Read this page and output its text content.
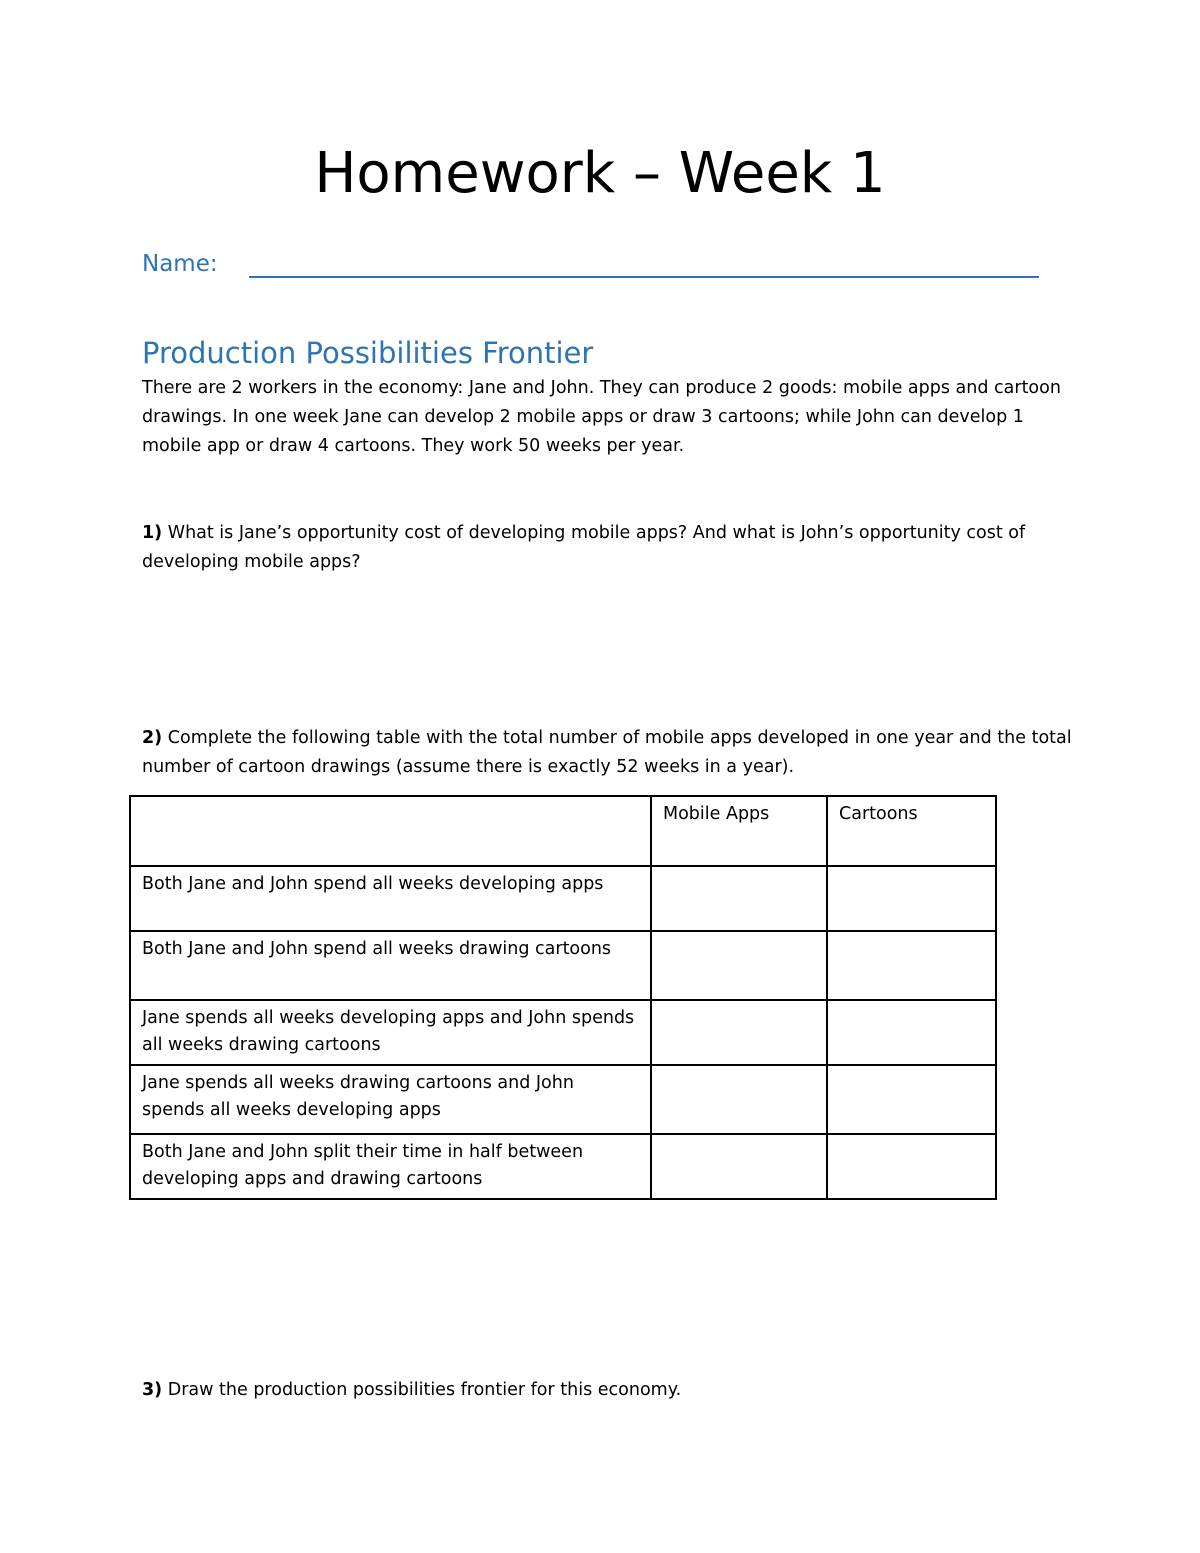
Homework – Week 1
Name:
Production Possibilities Frontier

There are 2 workers in the economy: Jane and John. They can produce 2 goods: mobile apps and cartoon drawings. In one week Jane can develop 2 mobile apps or draw 3 cartoons; while John can develop 1 mobile app or draw 4 cartoons. They work 50 weeks per year.

1) What is Jane’s opportunity cost of developing mobile apps? And what is John’s opportunity cost of developing mobile apps?

2) Complete the following table with the total number of mobile apps developed in one year and the total number of cartoon drawings (assume there is exactly 52 weeks in a year).

	Mobile Apps	Cartoons
Both Jane and John spend all weeks developing apps		
Both Jane and John spend all weeks drawing cartoons		
Jane spends all weeks developing apps and John spends all weeks drawing cartoons		
Jane spends all weeks drawing cartoons and John spends all weeks developing apps		
Both Jane and John split their time in half between developing apps and drawing cartoons		

3) Draw the production possibilities frontier for this economy.
